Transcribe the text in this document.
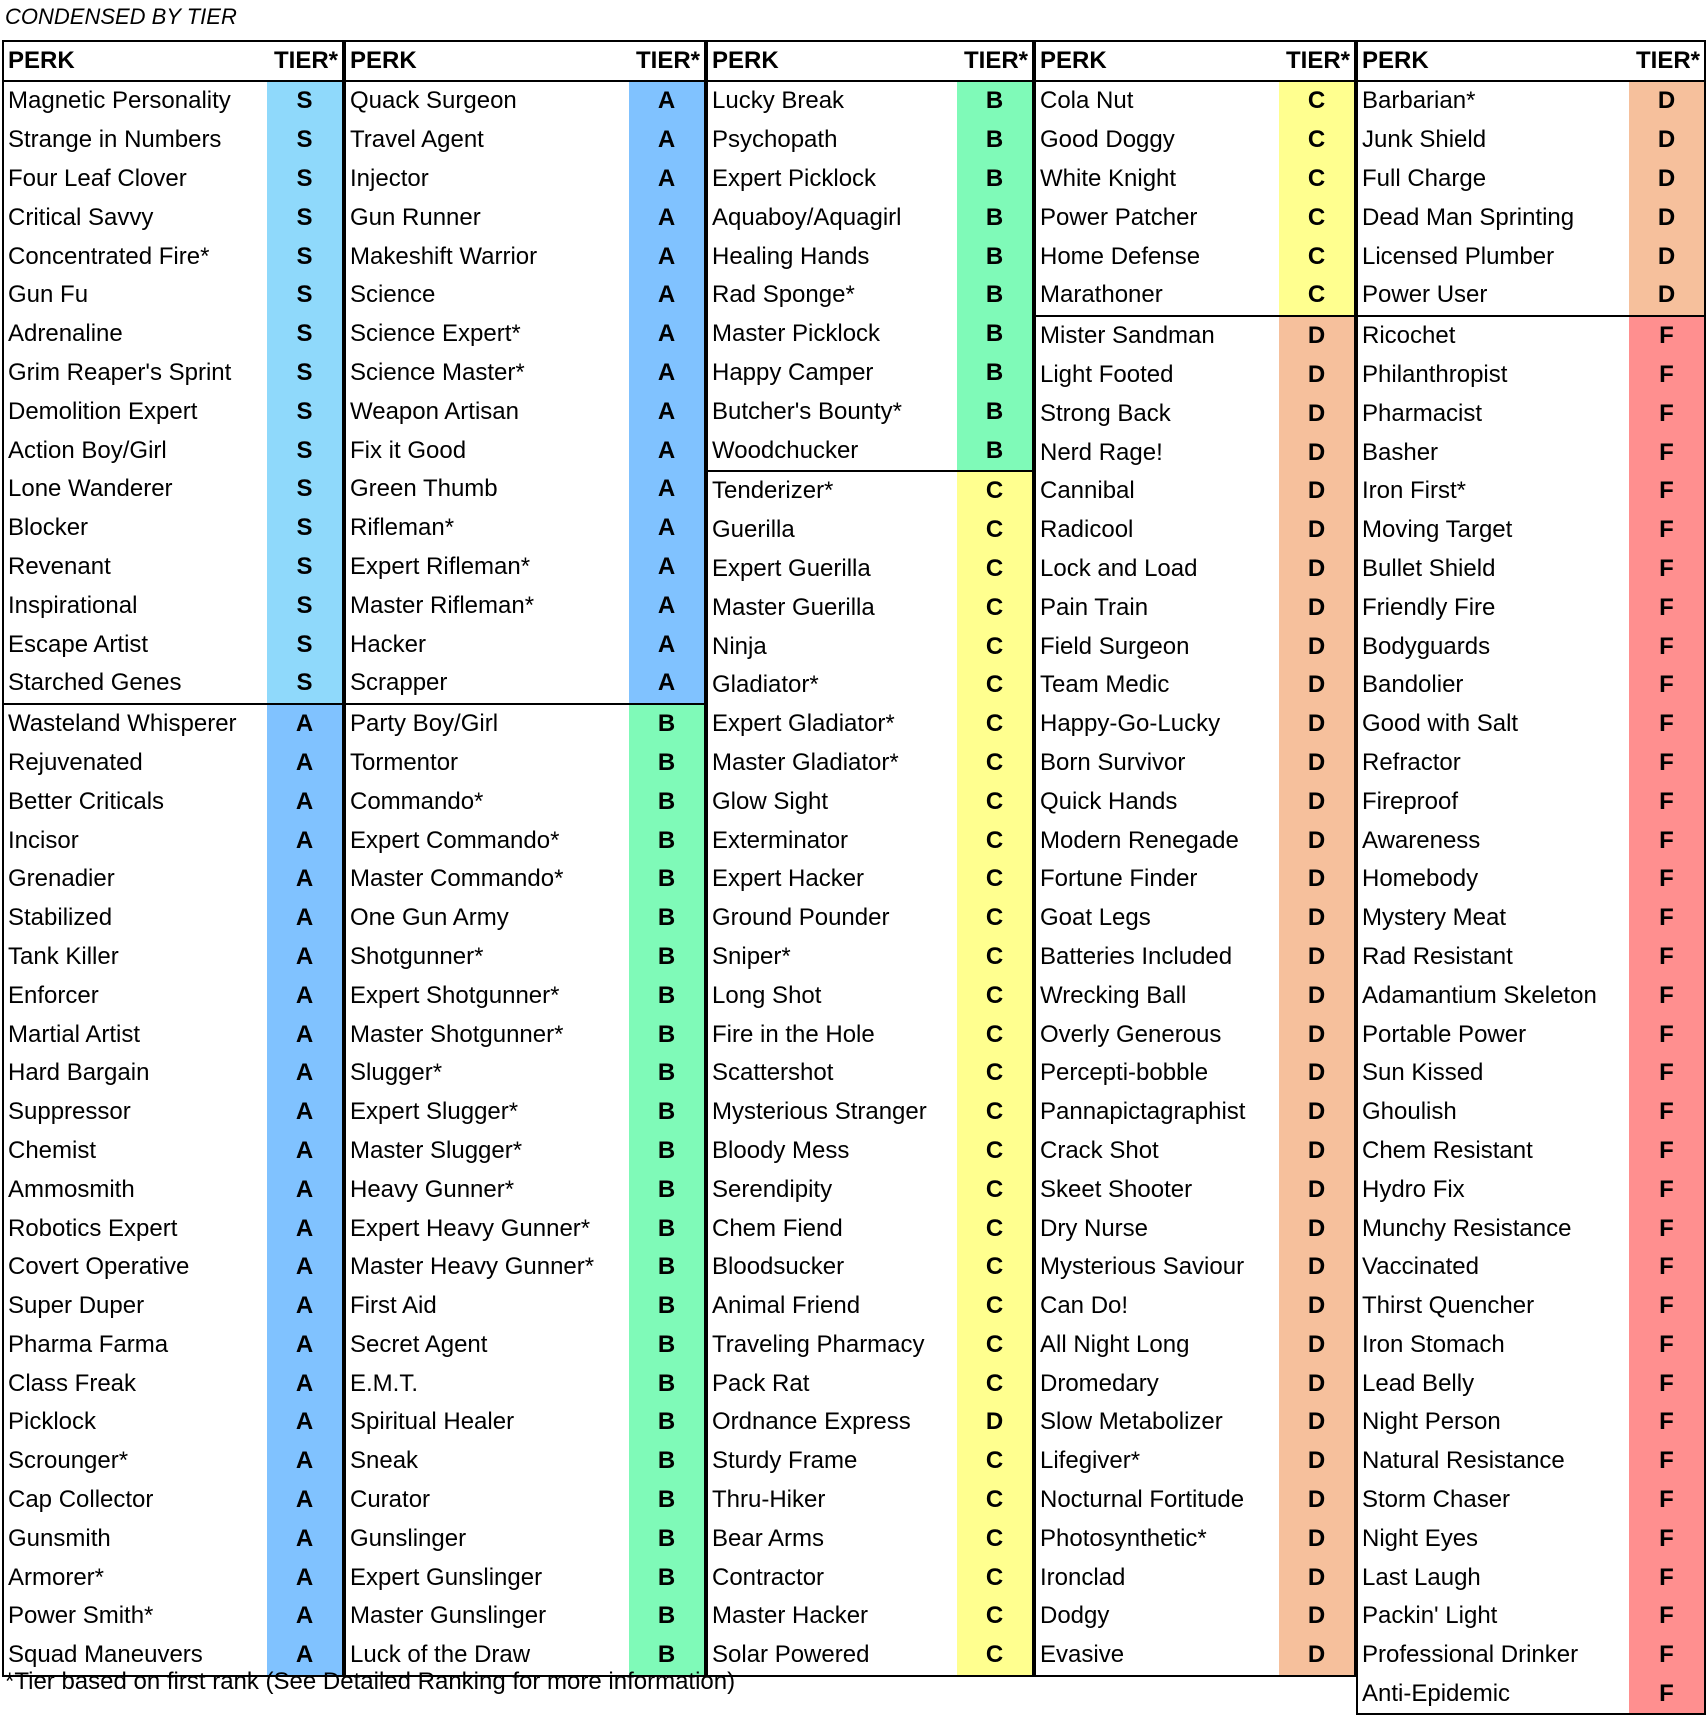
CONDENSED BY TIER
PERK	TIER*
Magnetic Personality	S
Strange in Numbers	S
Four Leaf Clover	S
Critical Savvy	S
Concentrated Fire*	S
Gun Fu	S
Adrenaline	S
Grim Reaper's Sprint	S
Demolition Expert	S
Action Boy/Girl	S
Lone Wanderer	S
Blocker	S
Revenant	S
Inspirational	S
Escape Artist	S
Starched Genes	S
Wasteland Whisperer	A
Rejuvenated	A
Better Criticals	A
Incisor	A
Grenadier	A
Stabilized	A
Tank Killer	A
Enforcer	A
Martial Artist	A
Hard Bargain	A
Suppressor	A
Chemist	A
Ammosmith	A
Robotics Expert	A
Covert Operative	A
Super Duper	A
Pharma Farma	A
Class Freak	A
Picklock	A
Scrounger*	A
Cap Collector	A
Gunsmith	A
Armorer*	A
Power Smith*	A
Squad Maneuvers	A
PERK	TIER*
Quack Surgeon	A
Travel Agent	A
Injector	A
Gun Runner	A
Makeshift Warrior	A
Science	A
Science Expert*	A
Science Master*	A
Weapon Artisan	A
Fix it Good	A
Green Thumb	A
Rifleman*	A
Expert Rifleman*	A
Master Rifleman*	A
Hacker	A
Scrapper	A
Party Boy/Girl	B
Tormentor	B
Commando*	B
Expert Commando*	B
Master Commando*	B
One Gun Army	B
Shotgunner*	B
Expert Shotgunner*	B
Master Shotgunner*	B
Slugger*	B
Expert Slugger*	B
Master Slugger*	B
Heavy Gunner*	B
Expert Heavy Gunner*	B
Master Heavy Gunner*	B
First Aid	B
Secret Agent	B
E.M.T.	B
Spiritual Healer	B
Sneak	B
Curator	B
Gunslinger	B
Expert Gunslinger	B
Master Gunslinger	B
Luck of the Draw	B
PERK	TIER*
Lucky Break	B
Psychopath	B
Expert Picklock	B
Aquaboy/Aquagirl	B
Healing Hands	B
Rad Sponge*	B
Master Picklock	B
Happy Camper	B
Butcher's Bounty*	B
Woodchucker	B
Tenderizer*	C
Guerilla	C
Expert Guerilla	C
Master Guerilla	C
Ninja	C
Gladiator*	C
Expert Gladiator*	C
Master Gladiator*	C
Glow Sight	C
Exterminator	C
Expert Hacker	C
Ground Pounder	C
Sniper*	C
Long Shot	C
Fire in the Hole	C
Scattershot	C
Mysterious Stranger	C
Bloody Mess	C
Serendipity	C
Chem Fiend	C
Bloodsucker	C
Animal Friend	C
Traveling Pharmacy	C
Pack Rat	C
Ordnance Express	D
Sturdy Frame	C
Thru-Hiker	C
Bear Arms	C
Contractor	C
Master Hacker	C
Solar Powered	C
PERK	TIER*
Cola Nut	C
Good Doggy	C
White Knight	C
Power Patcher	C
Home Defense	C
Marathoner	C
Mister Sandman	D
Light Footed	D
Strong Back	D
Nerd Rage!	D
Cannibal	D
Radicool	D
Lock and Load	D
Pain Train	D
Field Surgeon	D
Team Medic	D
Happy-Go-Lucky	D
Born Survivor	D
Quick Hands	D
Modern Renegade	D
Fortune Finder	D
Goat Legs	D
Batteries Included	D
Wrecking Ball	D
Overly Generous	D
Percepti-bobble	D
Pannapictagraphist	D
Crack Shot	D
Skeet Shooter	D
Dry Nurse	D
Mysterious Saviour	D
Can Do!	D
All Night Long	D
Dromedary	D
Slow Metabolizer	D
Lifegiver*	D
Nocturnal Fortitude	D
Photosynthetic*	D
Ironclad	D
Dodgy	D
Evasive	D
PERK	TIER*
Barbarian*	D
Junk Shield	D
Full Charge	D
Dead Man Sprinting	D
Licensed Plumber	D
Power User	D
Ricochet	F
Philanthropist	F
Pharmacist	F
Basher	F
Iron First*	F
Moving Target	F
Bullet Shield	F
Friendly Fire	F
Bodyguards	F
Bandolier	F
Good with Salt	F
Refractor	F
Fireproof	F
Awareness	F
Homebody	F
Mystery Meat	F
Rad Resistant	F
Adamantium Skeleton	F
Portable Power	F
Sun Kissed	F
Ghoulish	F
Chem Resistant	F
Hydro Fix	F
Munchy Resistance	F
Vaccinated	F
Thirst Quencher	F
Iron Stomach	F
Lead Belly	F
Night Person	F
Natural Resistance	F
Storm Chaser	F
Night Eyes	F
Last Laugh	F
Packin' Light	F
Professional Drinker	F
Anti-Epidemic	F
*Tier based on first rank (See Detailed Ranking for more information)
